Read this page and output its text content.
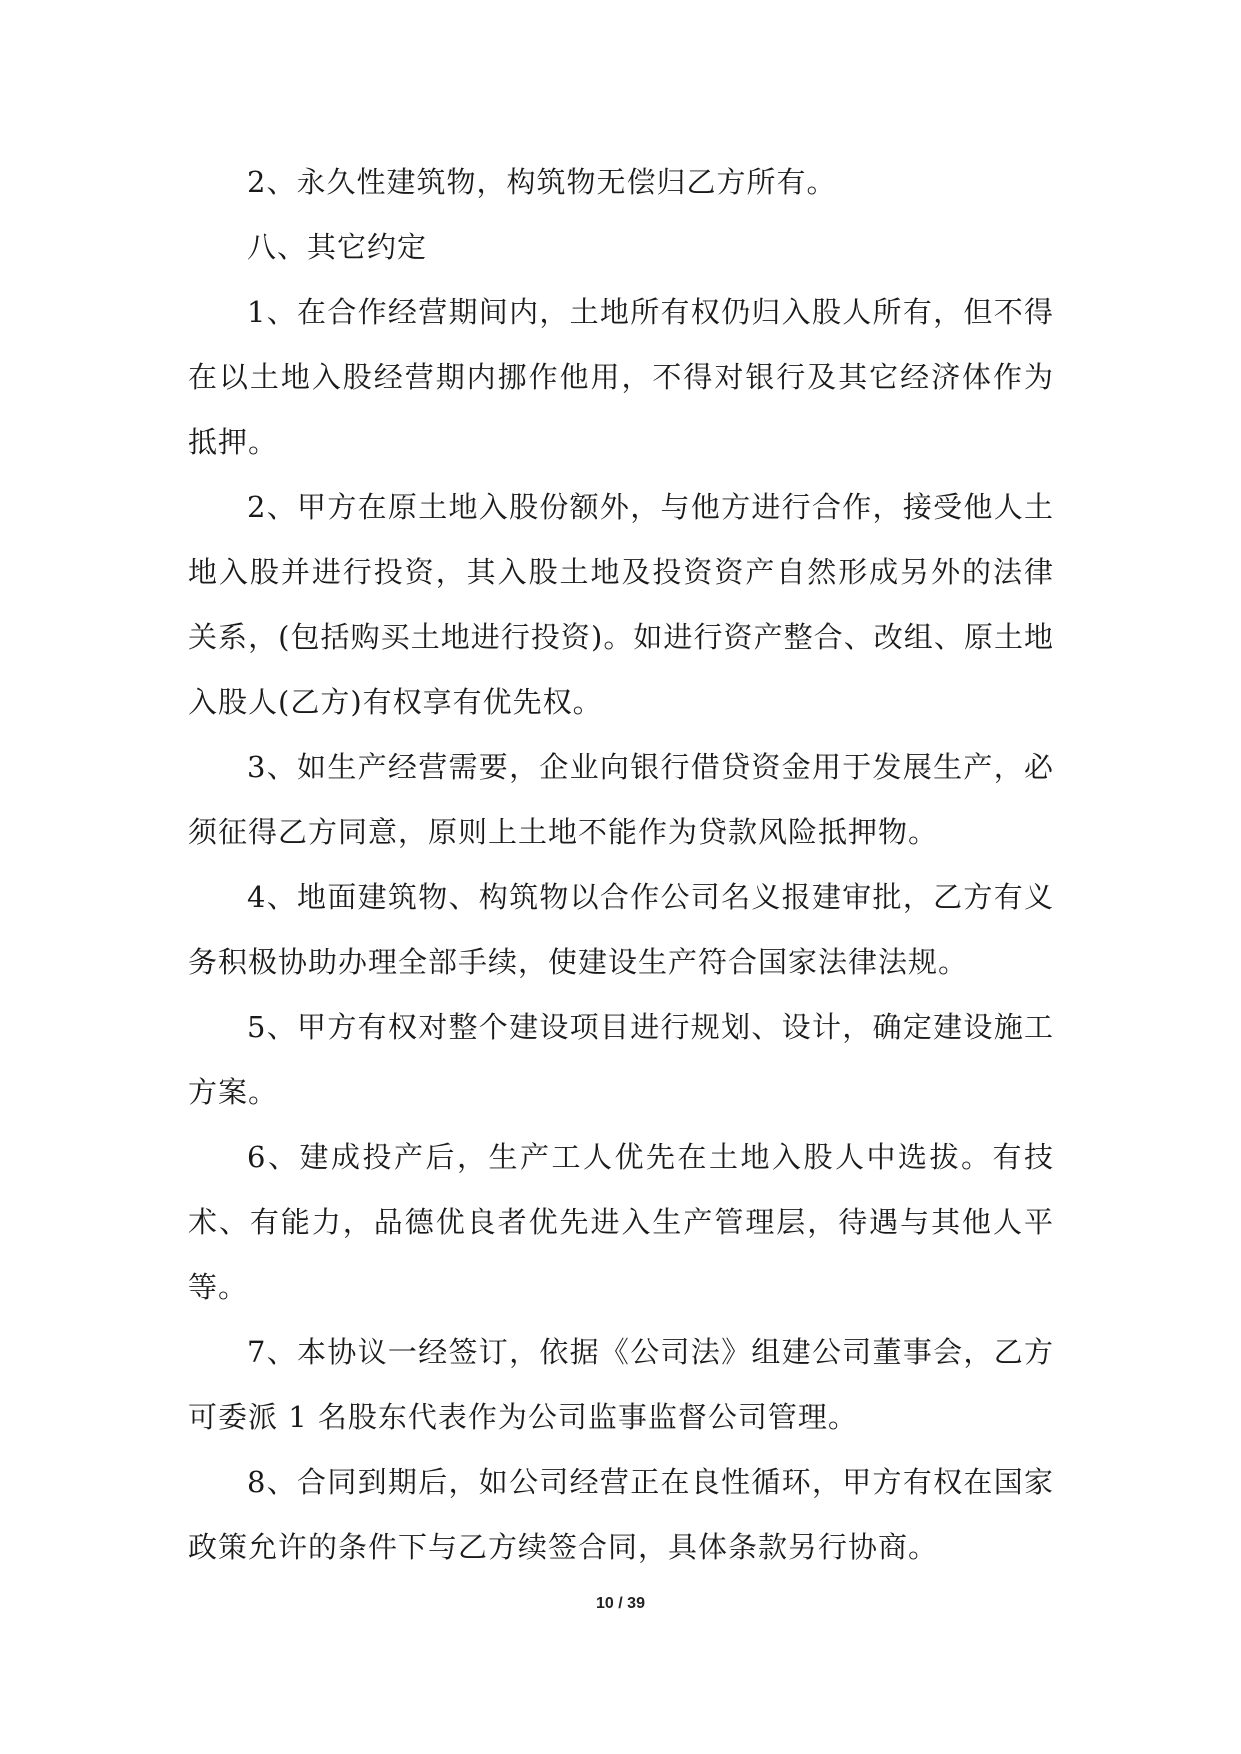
2、永久性建筑物，构筑物无偿归乙方所有。

八、其它约定

1、在合作经营期间内，土地所有权仍归入股人所有，但不得在以土地入股经营期内挪作他用，不得对银行及其它经济体作为抵押。

2、甲方在原土地入股份额外，与他方进行合作，接受他人土地入股并进行投资，其入股土地及投资资产自然形成另外的法律关系，(包括购买土地进行投资)。如进行资产整合、改组、原土地入股人(乙方)有权享有优先权。

3、如生产经营需要，企业向银行借贷资金用于发展生产，必须征得乙方同意，原则上土地不能作为贷款风险抵押物。

4、地面建筑物、构筑物以合作公司名义报建审批，乙方有义务积极协助办理全部手续，使建设生产符合国家法律法规。

5、甲方有权对整个建设项目进行规划、设计，确定建设施工方案。

6、建成投产后，生产工人优先在土地入股人中选拔。有技术、有能力，品德优良者优先进入生产管理层，待遇与其他人平等。

7、本协议一经签订，依据《公司法》组建公司董事会，乙方可委派 1 名股东代表作为公司监事监督公司管理。

8、合同到期后，如公司经营正在良性循环，甲方有权在国家政策允许的条件下与乙方续签合同，具体条款另行协商。

10 / 39
